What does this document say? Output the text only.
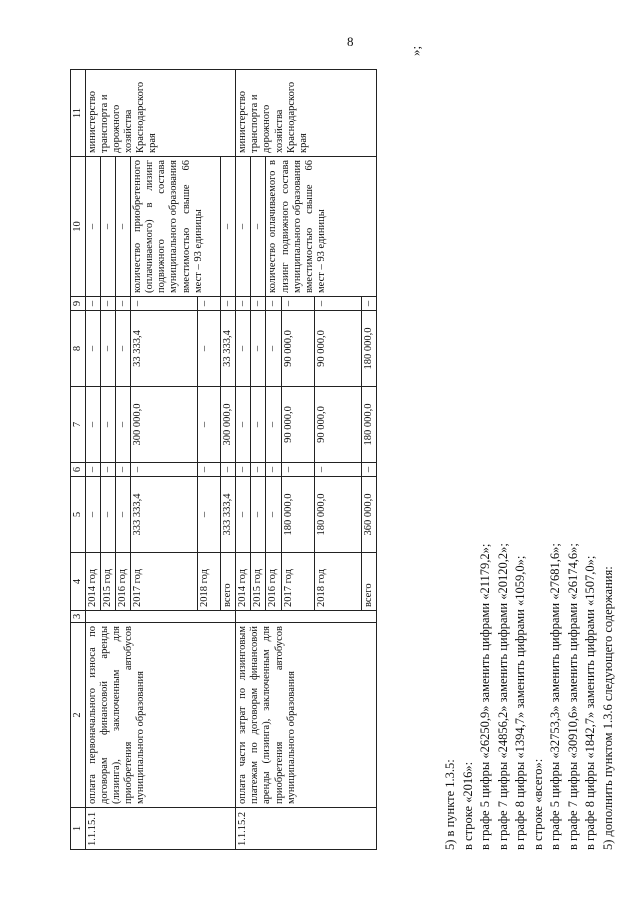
8
»;
1	2	3	4	5	6	7	8	9	10	11
1.1.15.1	оплата первоначального износа по договорам финансовой аренды (лизинга), заключенным для приобретения автобусов муниципального образования		2014 год	–	–	–	–	–	–	министерство транспорта и дорожного хозяйства Краснодарского края
			2015 год	–	–	–	–	–	–	
			2016 год	–	–	–	–	–	–	
			2017 год	333 333,4	–	300 000,0	33 333,4	–	количество приобретенного (оплачиваемого) в лизинг подвижного состава муниципального образования вместимостью свыше 66 мест – 93 единицы	
			2018 год	–	–	–	–	–		
			всего	333 333,4	–	300 000,0	33 333,4	–	–	
1.1.15.2	оплата части затрат по лизинговым платежам по договорам финансовой аренды (лизинга), заключенным для приобретения автобусов муниципального образования		2014 год	–	–	–	–	–	–	министерство транспорта и дорожного хозяйства Краснодарского края
			2015 год	–	–	–	–	–	–	
			2016 год	–	–	–	–	–	количество оплачиваемого в лизинг подвижного состава муниципального образования вместимостью свыше 66 мест – 93 единицы	
			2017 год	180 000,0	–	90 000,0	90 000,0	–		
			2018 год	180 000,0	–	90 000,0	90 000,0	–		
			всего	360 000,0	–	180 000,0	180 000,0	–		
5) в пункте 1.3.5: в строке «2016»: в графе 5 цифры «26250,9» заменить цифрами «21179,2»; в графе 7 цифры «24856,2» заменить цифрами «20120,2»; в графе 8 цифры «1394,7» заменить цифрами «1059,0»; в строке «всего»: в графе 5 цифры «32753,3» заменить цифрами «27681,6»; в графе 7 цифры «30910,6» заменить цифрами «26174,6»; в графе 8 цифры «1842,7» заменить цифрами «1507,0»; 5) дополнить пунктом 1.3.6 следующего содержания:
